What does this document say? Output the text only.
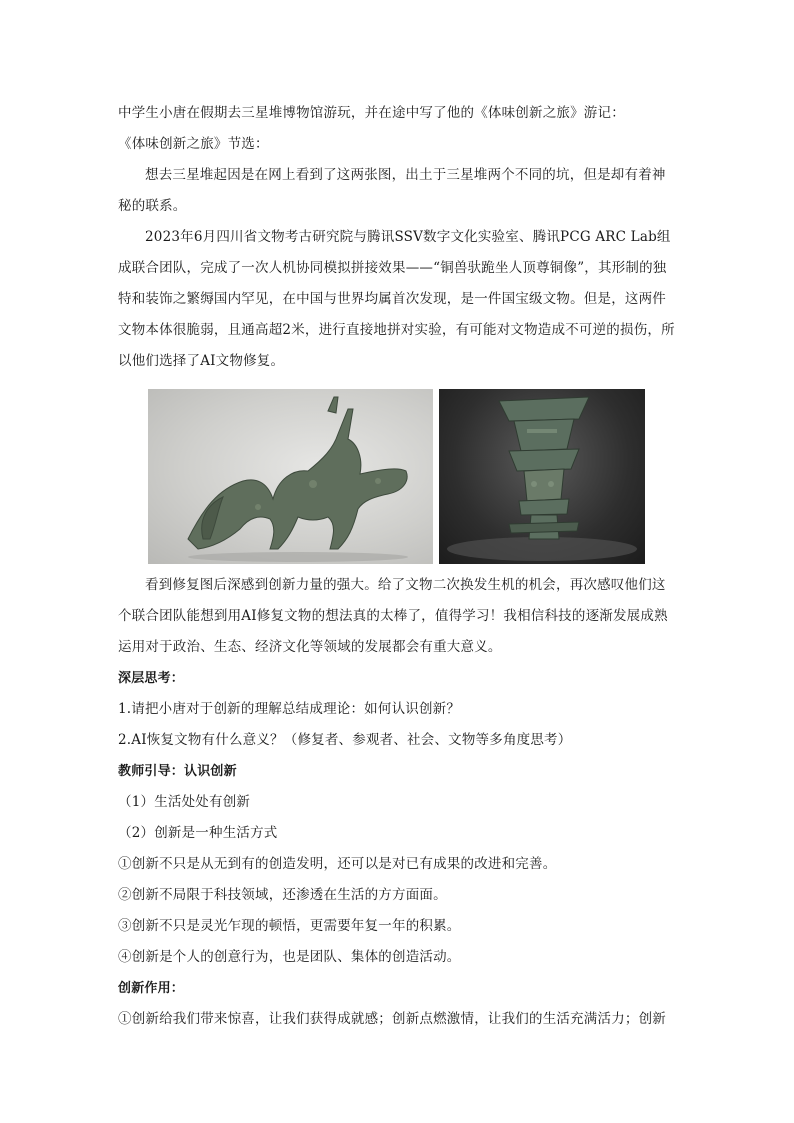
中学生小唐在假期去三星堆博物馆游玩，并在途中写了他的《体味创新之旅》游记：

《体味创新之旅》节选：

想去三星堆起因是在网上看到了这两张图，出土于三星堆两个不同的坑，但是却有着神秘的联系。

2023年6月四川省文物考古研究院与腾讯SSV数字文化实验室、腾讯PCG ARC Lab组成联合团队，完成了一次人机协同模拟拼接效果——“铜兽驮跪坐人顶尊铜像”，其形制的独特和装饰之繁缛国内罕见，在中国与世界均属首次发现，是一件国宝级文物。但是，这两件文物本体很脆弱，且通高超2米，进行直接地拼对实验，有可能对文物造成不可逆的损伤，所以他们选择了AI文物修复。

看到修复图后深感到创新力量的强大。给了文物二次换发生机的机会，再次感叹他们这个联合团队能想到用AI修复文物的想法真的太棒了，值得学习！我相信科技的逐渐发展成熟运用对于政治、生态、经济文化等领域的发展都会有重大意义。

深层思考：

1.请把小唐对于创新的理解总结成理论：如何认识创新？

2.AI恢复文物有什么意义？（修复者、参观者、社会、文物等多角度思考）

教师引导：认识创新

（1）生活处处有创新

（2）创新是一种生活方式

①创新不只是从无到有的创造发明，还可以是对已有成果的改进和完善。

②创新不局限于科技领域，还渗透在生活的方方面面。

③创新不只是灵光乍现的顿悟，更需要年复一年的积累。

④创新是个人的创意行为，也是团队、集体的创造活动。

创新作用：

①创新给我们带来惊喜，让我们获得成就感；创新点燃激情，让我们的生活充满活力；创新
